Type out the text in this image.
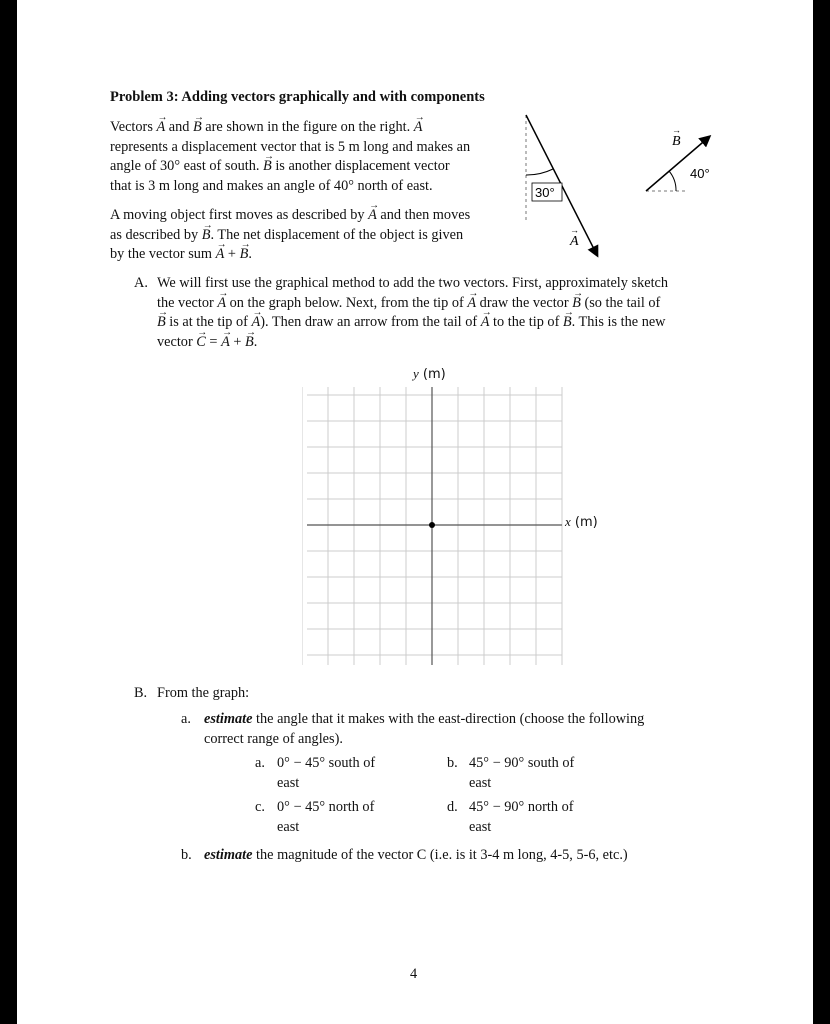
Problem 3: Adding vectors graphically and with components
Vectors → A and → B are shown in the figure on the right. → A
represents a displacement vector that is 5 m long and makes an
angle of 30° east of south. → B is another displacement vector
that is 3 m long and makes an angle of 40° north of east.
A moving object first moves as described by → A and then moves
as described by → B. The net displacement of the object is given
by the vector sum → A + → B.
30°
A
→
40°
B
→
A. We will first use the graphical method to add the two vectors. First, approximately sketch
the vector → A on the graph below. Next, from the tip of → A draw the vector → B (so the tail of
→ B is at the tip of → A). Then draw an arrow from the tail of → A to the tip of → B. This is the new
vector → C = → A + → B.
y (m)
x (m)
B. From the graph:
a. estimate the angle that it makes with the east-direction (choose the following
correct range of angles).
a. 0° − 45° south of
east
b. 45° − 90° south of
east
c. 0° − 45° north of
east
d. 45° − 90° north of
east
b. estimate the magnitude of the vector C (i.e. is it 3-4 m long, 4-5, 5-6, etc.)
4
